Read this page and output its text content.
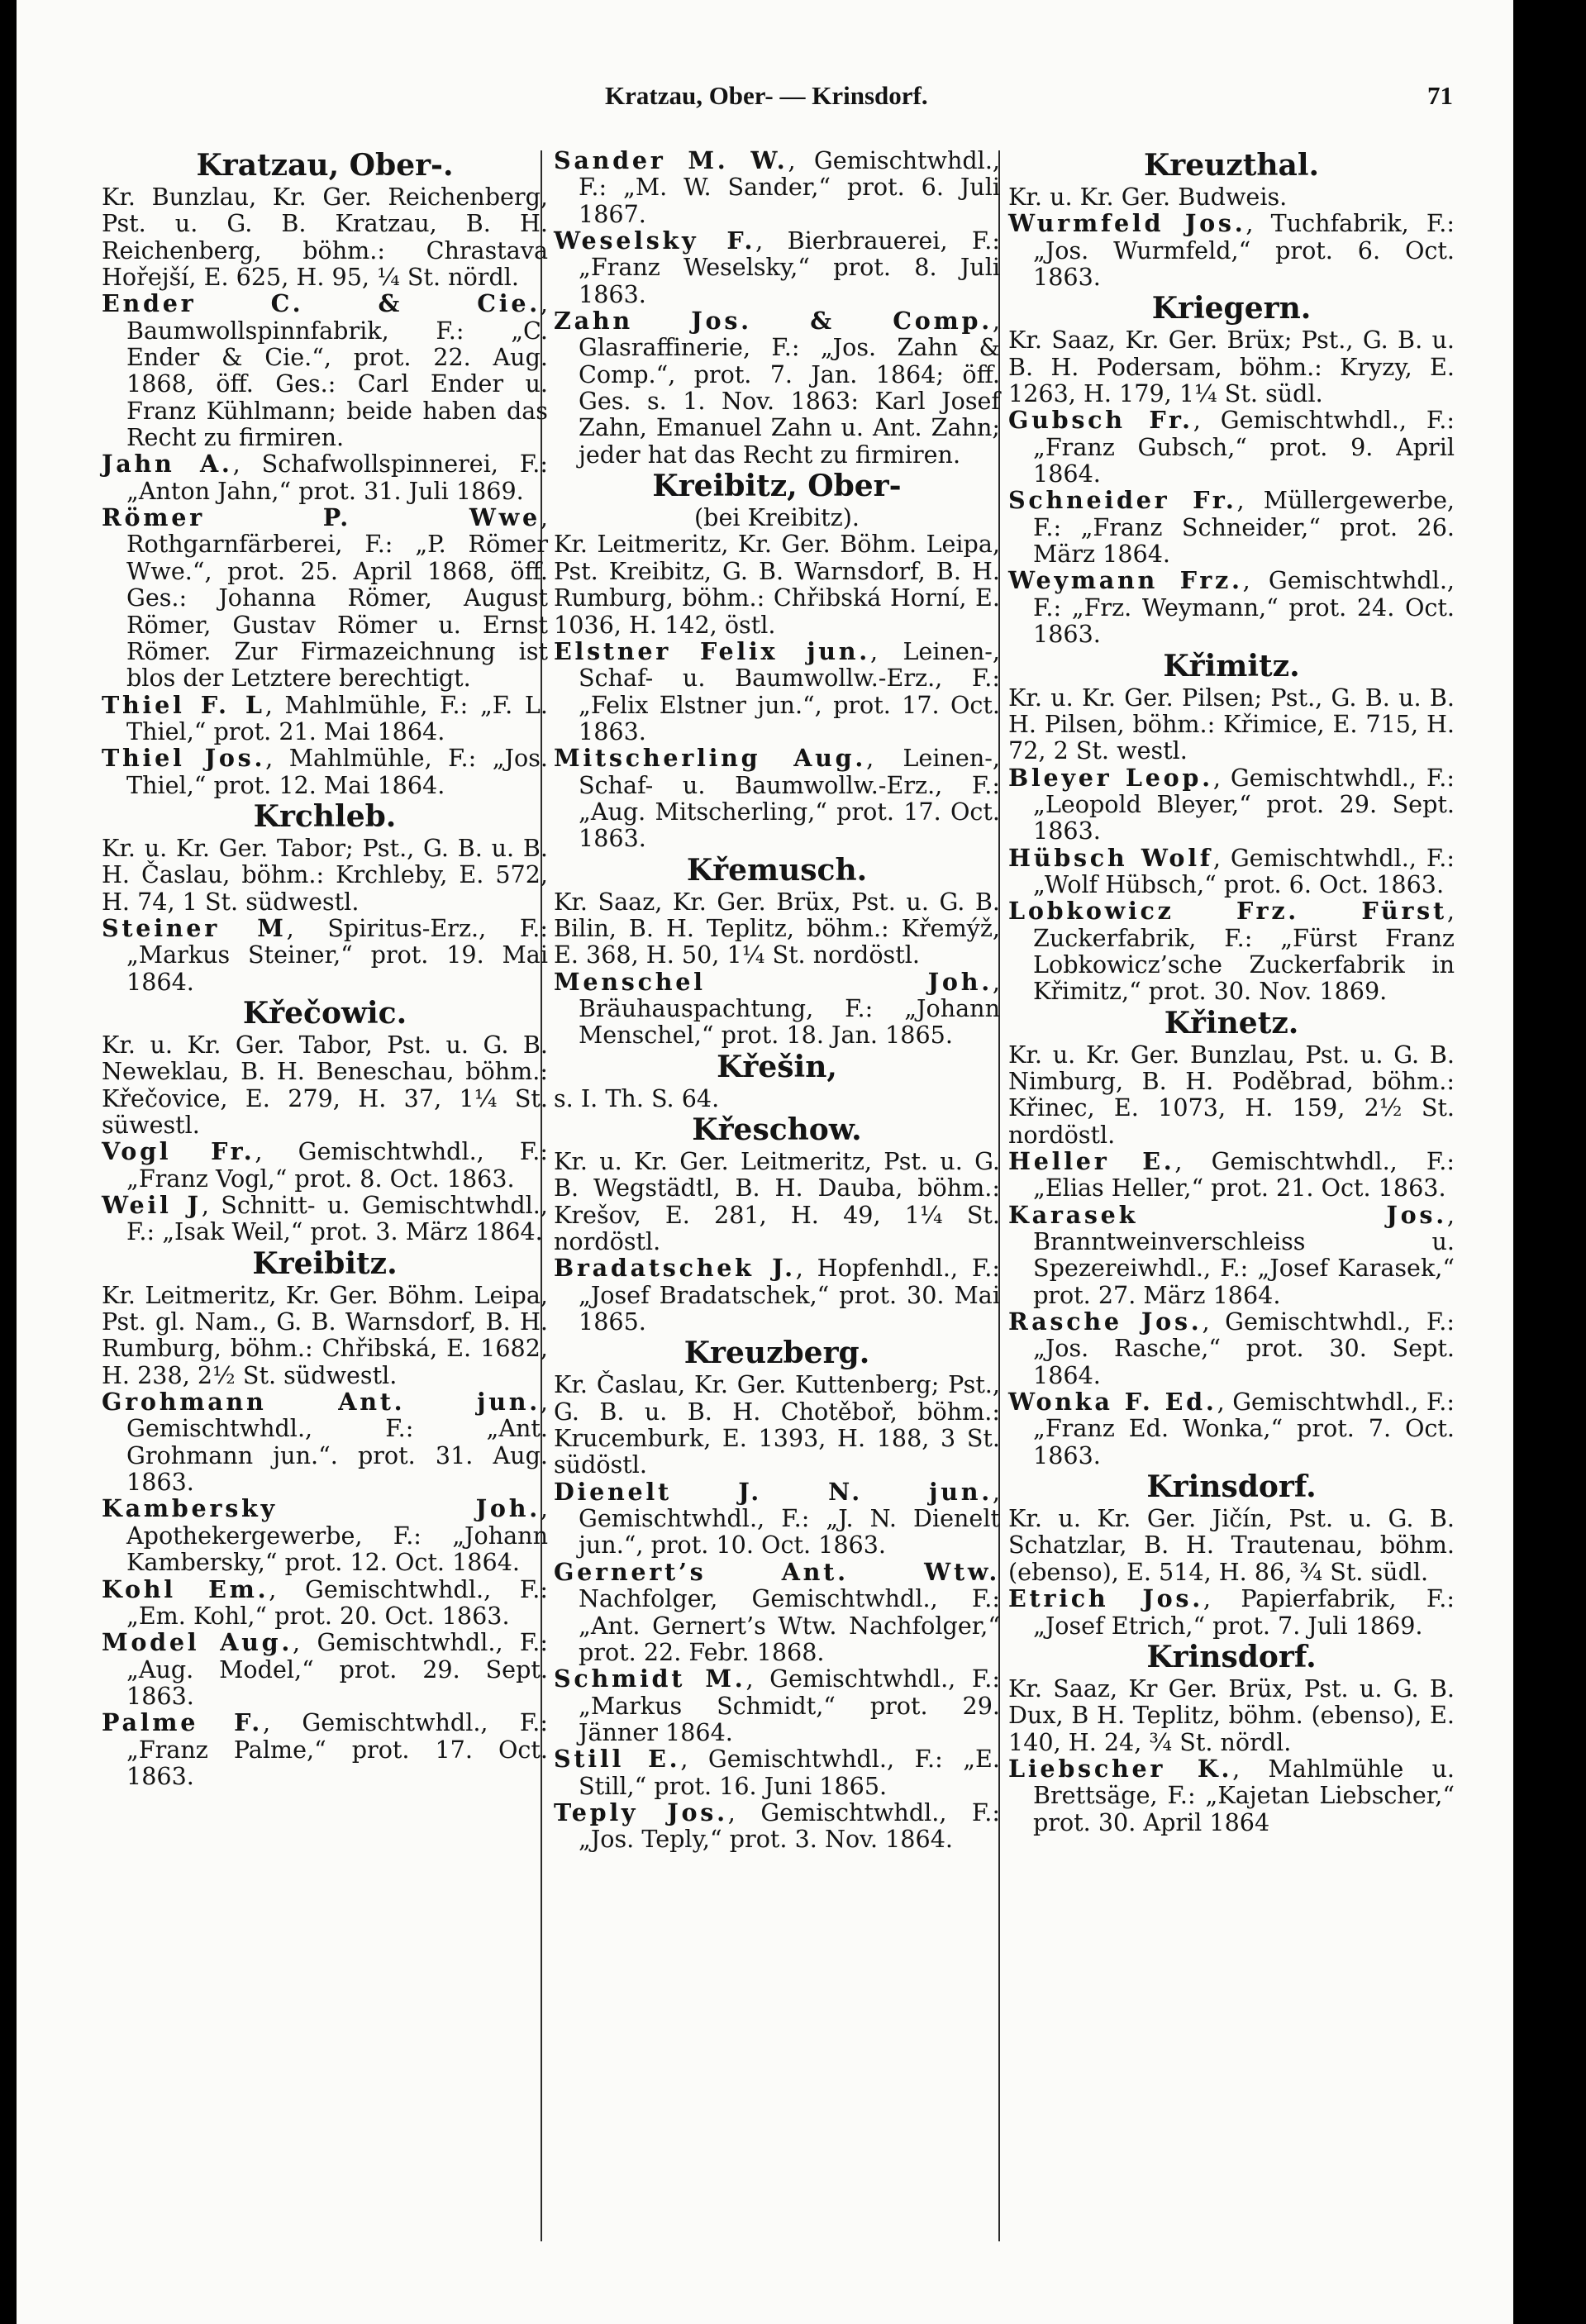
Kratzau, Ober- — Krinsdorf.	71
Kratzau, Ober-.
Kr. Bunzlau, Kr. Ger. Reichenberg, Pst. u. G. B. Kratzau, B. H. Reichenberg, böhm.: Chrastava Hořejší, E. 625, H. 95, ¼ St. nördl.
Ender C. & Cie., Baumwollspinnfabrik, F.: „C. Ender & Cie.“, prot. 22. Aug. 1868, öff. Ges.: Carl Ender u. Franz Kühlmann; beide haben das Recht zu firmiren.
Jahn A., Schafwollspinnerei, F.: „Anton Jahn,“ prot. 31. Juli 1869.
Römer P. Wwe, Rothgarnfärberei, F.: „P. Römer Wwe.“, prot. 25. April 1868, öff. Ges.: Johanna Römer, August Römer, Gustav Römer u. Ernst Römer. Zur Firmazeichnung ist blos der Letztere berechtigt.
Thiel F. L, Mahlmühle, F.: „F. L. Thiel,“ prot. 21. Mai 1864.
Thiel Jos., Mahlmühle, F.: „Jos. Thiel,“ prot. 12. Mai 1864.
Krchleb.
Kr. u. Kr. Ger. Tabor; Pst., G. B. u. B. H. Časlau, böhm.: Krchleby, E. 572, H. 74, 1 St. südwestl.
Steiner M, Spiritus-Erz., F.: „Markus Steiner,“ prot. 19. Mai 1864.
Křečowic.
Kr. u. Kr. Ger. Tabor, Pst. u. G. B. Neweklau, B. H. Beneschau, böhm.: Křečovice, E. 279, H. 37, 1¼ St. süwestl.
Vogl Fr., Gemischtwhdl., F.: „Franz Vogl,“ prot. 8. Oct. 1863.
Weil J, Schnitt- u. Gemischtwhdl., F.: „Isak Weil,“ prot. 3. März 1864.
Kreibitz.
Kr. Leitmeritz, Kr. Ger. Böhm. Leipa, Pst. gl. Nam., G. B. Warnsdorf, B. H. Rumburg, böhm.: Chřibská, E. 1682, H. 238, 2½ St. südwestl.
Grohmann Ant. jun., Gemischtwhdl., F.: „Ant. Grohmann jun.“. prot. 31. Aug. 1863.
Kambersky Joh., Apothekergewerbe, F.: „Johann Kambersky,“ prot. 12. Oct. 1864.
Kohl Em., Gemischtwhdl., F.: „Em. Kohl,“ prot. 20. Oct. 1863.
Model Aug., Gemischtwhdl., F.: „Aug. Model,“ prot. 29. Sept. 1863.
Palme F., Gemischtwhdl., F.: „Franz Palme,“ prot. 17. Oct. 1863.
Sander M. W., Gemischtwhdl., F.: „M. W. Sander,“ prot. 6. Juli 1867.
Weselsky F., Bierbrauerei, F.: „Franz Weselsky,“ prot. 8. Juli 1863.
Zahn Jos. & Comp., Glasraffinerie, F.: „Jos. Zahn & Comp.“, prot. 7. Jan. 1864; öff. Ges. s. 1. Nov. 1863: Karl Josef Zahn, Emanuel Zahn u. Ant. Zahn; jeder hat das Recht zu firmiren.
Kreibitz, Ober-
(bei Kreibitz).
Kr. Leitmeritz, Kr. Ger. Böhm. Leipa, Pst. Kreibitz, G. B. Warnsdorf, B. H. Rumburg, böhm.: Chřibská Horní, E. 1036, H. 142, östl.
Elstner Felix jun., Leinen-, Schaf- u. Baumwollw.-Erz., F.: „Felix Elstner jun.“, prot. 17. Oct. 1863.
Mitscherling Aug., Leinen-, Schaf- u. Baumwollw.-Erz., F.: „Aug. Mitscherling,“ prot. 17. Oct. 1863.
Křemusch.
Kr. Saaz, Kr. Ger. Brüx, Pst. u. G. B. Bilin, B. H. Teplitz, böhm.: Křemýž, E. 368, H. 50, 1¼ St. nordöstl.
Menschel Joh., Bräuhauspachtung, F.: „Johann Menschel,“ prot. 18. Jan. 1865.
Křešin,
s. I. Th. S. 64.
Křeschow.
Kr. u. Kr. Ger. Leitmeritz, Pst. u. G. B. Wegstädtl, B. H. Dauba, böhm.: Krešov, E. 281, H. 49, 1¼ St. nordöstl.
Bradatschek J., Hopfenhdl., F.: „Josef Bradatschek,“ prot. 30. Mai 1865.
Kreuzberg.
Kr. Časlau, Kr. Ger. Kuttenberg; Pst., G. B. u. B. H. Chotěboř, böhm.: Krucemburk, E. 1393, H. 188, 3 St. südöstl.
Dienelt J. N. jun., Gemischtwhdl., F.: „J. N. Dienelt jun.“, prot. 10. Oct. 1863.
Gernert’s Ant. Wtw. Nachfolger, Gemischtwhdl., F.: „Ant. Gernert’s Wtw. Nachfolger,“ prot. 22. Febr. 1868.
Schmidt M., Gemischtwhdl., F.: „Markus Schmidt,“ prot. 29. Jänner 1864.
Still E., Gemischtwhdl., F.: „E. Still,“ prot. 16. Juni 1865.
Teply Jos., Gemischtwhdl., F.: „Jos. Teply,“ prot. 3. Nov. 1864.
Kreuzthal.
Kr. u. Kr. Ger. Budweis.
Wurmfeld Jos., Tuchfabrik, F.: „Jos. Wurmfeld,“ prot. 6. Oct. 1863.
Kriegern.
Kr. Saaz, Kr. Ger. Brüx; Pst., G. B. u. B. H. Podersam, böhm.: Kryzy, E. 1263, H. 179, 1¼ St. südl.
Gubsch Fr., Gemischtwhdl., F.: „Franz Gubsch,“ prot. 9. April 1864.
Schneider Fr., Müllergewerbe, F.: „Franz Schneider,“ prot. 26. März 1864.
Weymann Frz., Gemischtwhdl., F.: „Frz. Weymann,“ prot. 24. Oct. 1863.
Křimitz.
Kr. u. Kr. Ger. Pilsen; Pst., G. B. u. B. H. Pilsen, böhm.: Křimice, E. 715, H. 72, 2 St. westl.
Bleyer Leop., Gemischtwhdl., F.: „Leopold Bleyer,“ prot. 29. Sept. 1863.
Hübsch Wolf, Gemischtwhdl., F.: „Wolf Hübsch,“ prot. 6. Oct. 1863.
Lobkowicz Frz. Fürst, Zuckerfabrik, F.: „Fürst Franz Lobkowicz’sche Zuckerfabrik in Křimitz,“ prot. 30. Nov. 1869.
Křinetz.
Kr. u. Kr. Ger. Bunzlau, Pst. u. G. B. Nimburg, B. H. Poděbrad, böhm.: Křinec, E. 1073, H. 159, 2½ St. nordöstl.
Heller E., Gemischtwhdl., F.: „Elias Heller,“ prot. 21. Oct. 1863.
Karasek Jos., Branntweinverschleiss u. Spezereiwhdl., F.: „Josef Karasek,“ prot. 27. März 1864.
Rasche Jos., Gemischtwhdl., F.: „Jos. Rasche,“ prot. 30. Sept. 1864.
Wonka F. Ed., Gemischtwhdl., F.: „Franz Ed. Wonka,“ prot. 7. Oct. 1863.
Krinsdorf.
Kr. u. Kr. Ger. Jičín, Pst. u. G. B. Schatzlar, B. H. Trautenau, böhm. (ebenso), E. 514, H. 86, ¾ St. südl.
Etrich Jos., Papierfabrik, F.: „Josef Etrich,“ prot. 7. Juli 1869.
Krinsdorf.
Kr. Saaz, Kr Ger. Brüx, Pst. u. G. B. Dux, B H. Teplitz, böhm. (ebenso), E. 140, H. 24, ¾ St. nördl.
Liebscher K., Mahlmühle u. Brettsäge, F.: „Kajetan Liebscher,“ prot. 30. April 1864
